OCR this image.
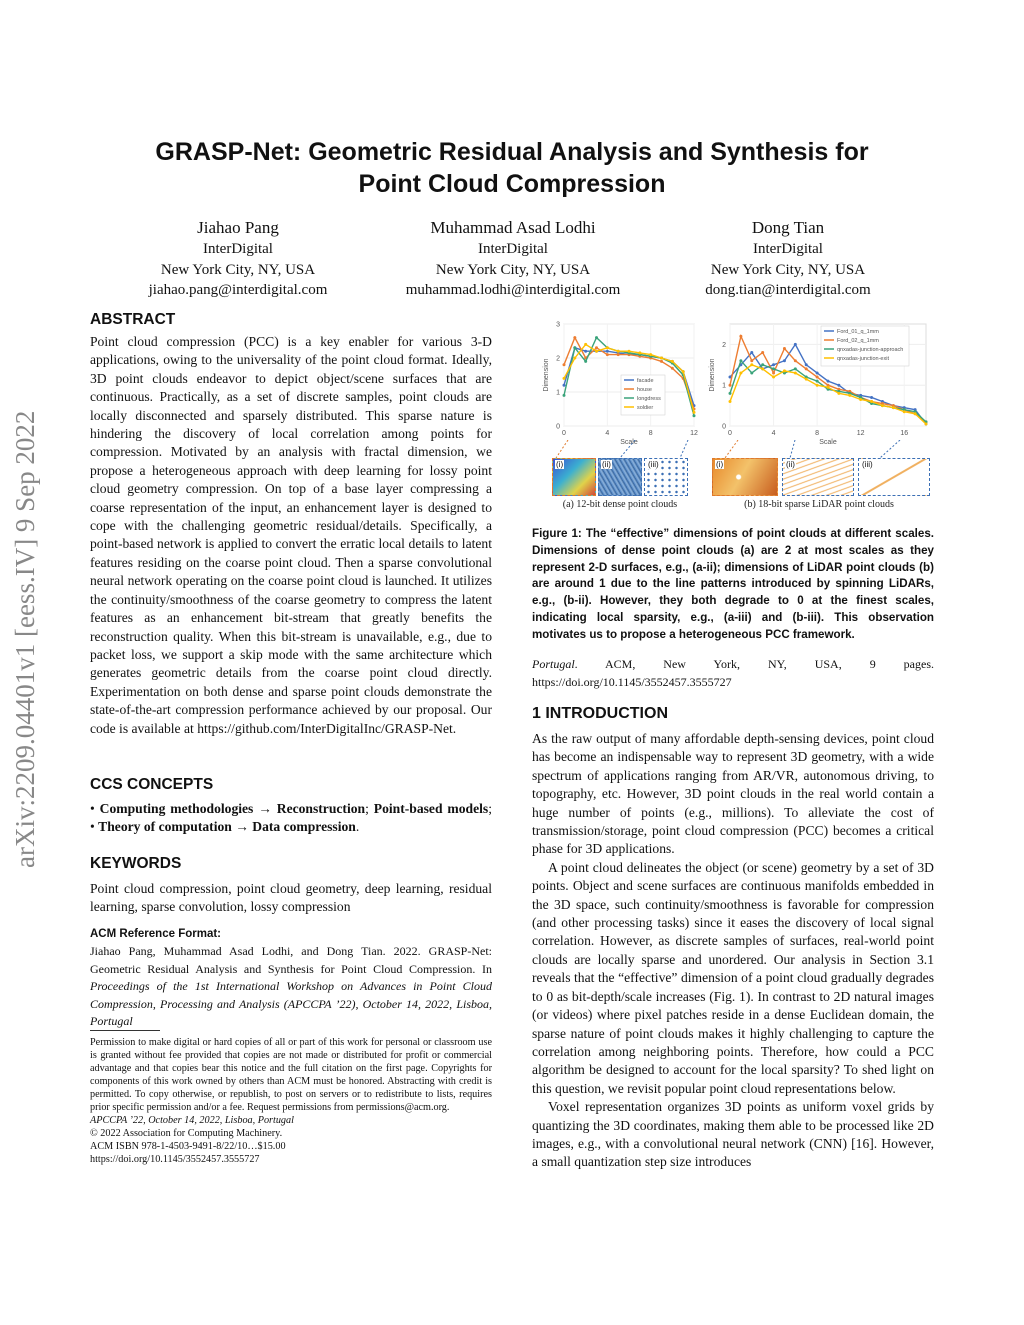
arXiv:2209.04401v1 [eess.IV] 9 Sep 2022
GRASP-Net: Geometric Residual Analysis and Synthesis for
Point Cloud Compression
Jiahao Pang
InterDigital
New York City, NY, USA
jiahao.pang@interdigital.com
Muhammad Asad Lodhi
InterDigital
New York City, NY, USA
muhammad.lodhi@interdigital.com
Dong Tian
InterDigital
New York City, NY, USA
dong.tian@interdigital.com
ABSTRACT
Point cloud compression (PCC) is a key enabler for various 3-D applications, owing to the universality of the point cloud format. Ideally, 3D point clouds endeavor to depict object/scene surfaces that are continuous. Practically, as a set of discrete samples, point clouds are locally disconnected and sparsely distributed. This sparse nature is hindering the discovery of local correlation among points for compression. Motivated by an analysis with fractal dimension, we propose a heterogeneous approach with deep learning for lossy point cloud geometry compression. On top of a base layer compressing a coarse representation of the input, an enhancement layer is designed to cope with the challenging geometric residual/details. Specifically, a point-based network is applied to convert the erratic local details to latent features residing on the coarse point cloud. Then a sparse convolutional neural network operating on the coarse point cloud is launched. It utilizes the continuity/smoothness of the coarse geometry to compress the latent features as an enhancement bit-stream that greatly benefits the reconstruction quality. When this bit-stream is unavailable, e.g., due to packet loss, we support a skip mode with the same architecture which generates geometric details from the coarse point cloud directly. Experimentation on both dense and sparse point clouds demonstrate the state-of-the-art compression performance achieved by our proposal. Our code is available at https://github.com/InterDigitalInc/GRASP-Net.
CCS CONCEPTS
• Computing methodologies → Reconstruction; Point-based models; • Theory of computation → Data compression.
KEYWORDS
Point cloud compression, point cloud geometry, deep learning, residual learning, sparse convolution, lossy compression
ACM Reference Format:
Jiahao Pang, Muhammad Asad Lodhi, and Dong Tian. 2022. GRASP-Net: Geometric Residual Analysis and Synthesis for Point Cloud Compression. In Proceedings of the 1st International Workshop on Advances in Point Cloud Compression, Processing and Analysis (APCCPA ’22), October 14, 2022, Lisboa, Portugal
Permission to make digital or hard copies of all or part of this work for personal or classroom use is granted without fee provided that copies are not made or distributed for profit or commercial advantage and that copies bear this notice and the full citation on the first page. Copyrights for components of this work owned by others than ACM must be honored. Abstracting with credit is permitted. To copy otherwise, or republish, to post on servers or to redistribute to lists, requires prior specific permission and/or a fee. Request permissions from permissions@acm.org.
APCCPA ’22, October 14, 2022, Lisboa, Portugal
© 2022 Association for Computing Machinery.
ACM ISBN 978-1-4503-9491-8/22/10…$15.00
https://doi.org/10.1145/3552457.3555727
0
1
2
3
0	4	8	12
Scale
Dimension	facade
house
longdress
soldier
0
1
2
0	4	8	12	16
Scale
Dimension
Ford_01_q_1mm
Ford_02_q_1mm
qnxadas-junction-approach
qnxadas-junction-exit
(i)	(ii)	(iii)
(a) 12-bit dense point clouds
(i)	(ii)	(iii)
(b) 18-bit sparse LiDAR point clouds
Figure 1: The “effective” dimensions of point clouds at different scales. Dimensions of dense point clouds (a) are 2 at most scales as they represent 2-D surfaces, e.g., (a-ii); dimensions of LiDAR point clouds (b) are around 1 due to the line patterns introduced by spinning LiDARs, e.g., (b-ii). However, they both degrade to 0 at the finest scales, indicating local sparsity, e.g., (a-iii) and (b-iii). This observation motivates us to propose a heterogeneous PCC framework.
Portugal. ACM, New York, NY, USA, 9 pages. https://doi.org/10.1145/3552457.3555727
1 INTRODUCTION

As the raw output of many affordable depth-sensing devices, point cloud has become an indispensable way to represent 3D geometry, with a wide spectrum of applications ranging from AR/VR, autonomous driving, to topography, etc. However, 3D point clouds in the real world contain a huge number of points (e.g., millions). To alleviate the cost of transmission/storage, point cloud compression (PCC) becomes a critical phase for 3D applications.

A point cloud delineates the object (or scene) geometry by a set of 3D points. Object and scene surfaces are continuous manifolds embedded in the 3D space, such continuity/smoothness is favorable for compression (and other processing tasks) since it eases the discovery of local signal correlation. However, as discrete samples of surfaces, real-world point clouds are locally sparse and unordered. Our analysis in Section 3.1 reveals that the “effective” dimension of a point cloud gradually degrades to 0 as bit-depth/scale increases (Fig. 1). In contrast to 2D natural images (or videos) where pixel patches reside in a dense Euclidean domain, the sparse nature of point clouds makes it highly challenging to capture the correlation among neighboring points. Therefore, how could a PCC algorithm be designed to account for the local sparsity? To shed light on this question, we revisit popular point cloud representations below.

Voxel representation organizes 3D points as uniform voxel grids by quantizing the 3D coordinates, making them able to be processed like 2D images, e.g., with a convolutional neural network (CNN) [16]. However, a small quantization step size introduces
